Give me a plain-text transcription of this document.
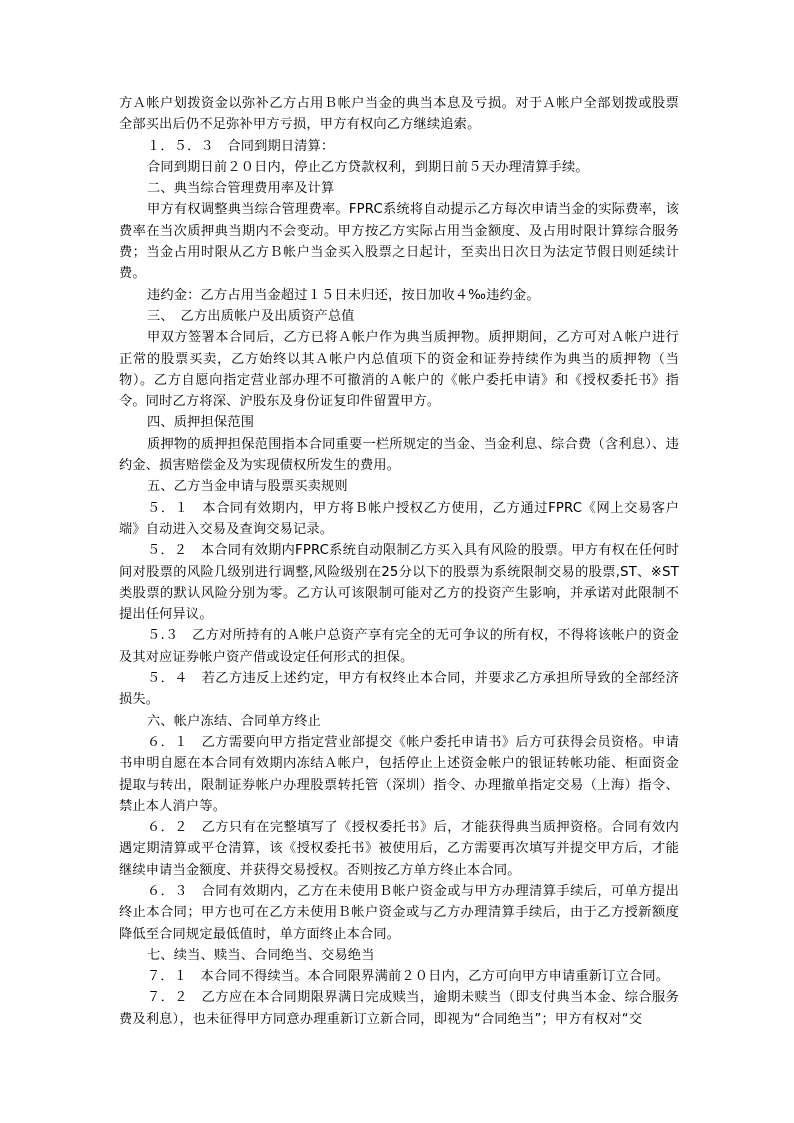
方Ａ帐户划拨资金以弥补乙方占用Ｂ帐户当金的典当本息及亏损。对于Ａ帐户全部划拨或股票全部买出后仍不足弥补甲方亏损，甲方有权向乙方继续追索。

１．５．３　合同到期日清算：

合同到期日前２０日内，停止乙方贷款权利，到期日前５天办理清算手续。

二、典当综合管理费用率及计算

甲方有权调整典当综合管理费率。FPRC系统将自动提示乙方每次申请当金的实际费率，该费率在当次质押典当期内不会变动。甲方按乙方实际占用当金额度、及占用时限计算综合服务费；当金占用时限从乙方Ｂ帐户当金买入股票之日起计，至卖出日次日为法定节假日则延续计费。

违约金：乙方占用当金超过１５日未归还，按日加收４‰违约金。

三、　乙方出质帐户及出质资产总值

甲双方签署本合同后，乙方已将Ａ帐户作为典当质押物。质押期间，乙方可对Ａ帐户进行正常的股票买卖，乙方始终以其Ａ帐户内总值项下的资金和证券持续作为典当的质押物（当物）。乙方自愿向指定营业部办理不可撤消的Ａ帐户的《帐户委托申请》和《授权委托书》指令。同时乙方将深、沪股东及身份证复印件留置甲方。

四、质押担保范围

质押物的质押担保范围指本合同重要一栏所规定的当金、当金利息、综合费（含利息）、违约金、损害赔偿金及为实现债权所发生的费用。

五、乙方当金申请与股票买卖规则

５．１　本合同有效期内，甲方将Ｂ帐户授权乙方使用，乙方通过FPRC《网上交易客户端》自动进入交易及查询交易记录。

５．２　本合同有效期内FPRC系统自动限制乙方买入具有风险的股票。甲方有权在任何时间对股票的风险几级别进行调整,风险级别在25分以下的股票为系统限制交易的股票,ST、※ST类股票的默认风险分别为零。乙方认可该限制可能对乙方的投资产生影响，并承诺对此限制不提出任何异议。

５.３　乙方对所持有的Ａ帐户总资产享有完全的无可争议的所有权，不得将该帐户的资金及其对应证券帐户资产借或设定任何形式的担保。

５．４　若乙方违反上述约定，甲方有权终止本合同，并要求乙方承担所导致的全部经济损失。

六、帐户冻结、合同单方终止

６．１　乙方需要向甲方指定营业部提交《帐户委托申请书》后方可获得会员资格。申请书申明自愿在本合同有效期内冻结Ａ帐户，包括停止上述资金帐户的银证转帐功能、柜面资金提取与转出，限制证券帐户办理股票转托管（深圳）指令、办理撤单指定交易（上海）指令、禁止本人消户等。

６．２　乙方只有在完整填写了《授权委托书》后，才能获得典当质押资格。合同有效内遇定期清算或平仓清算，该《授权委托书》被使用后，乙方需要再次填写并提交甲方后，才能继续申请当金额度、并获得交易授权。否则按乙方单方终止本合同。

６．３　合同有效期内，乙方在未使用Ｂ帐户资金或与甲方办理清算手续后，可单方提出终止本合同；甲方也可在乙方未使用Ｂ帐户资金或与乙方办理清算手续后，由于乙方授新额度降低至合同规定最低值时，单方面终止本合同。

七、续当、赎当、合同绝当、交易绝当

７．１　本合同不得续当。本合同限界满前２０日内，乙方可向甲方申请重新订立合同。

７．２　乙方应在本合同期限界满日完成赎当，逾期未赎当（即支付典当本金、综合服务费及利息），也未征得甲方同意办理重新订立新合同，即视为“合同绝当”；甲方有权对“交
